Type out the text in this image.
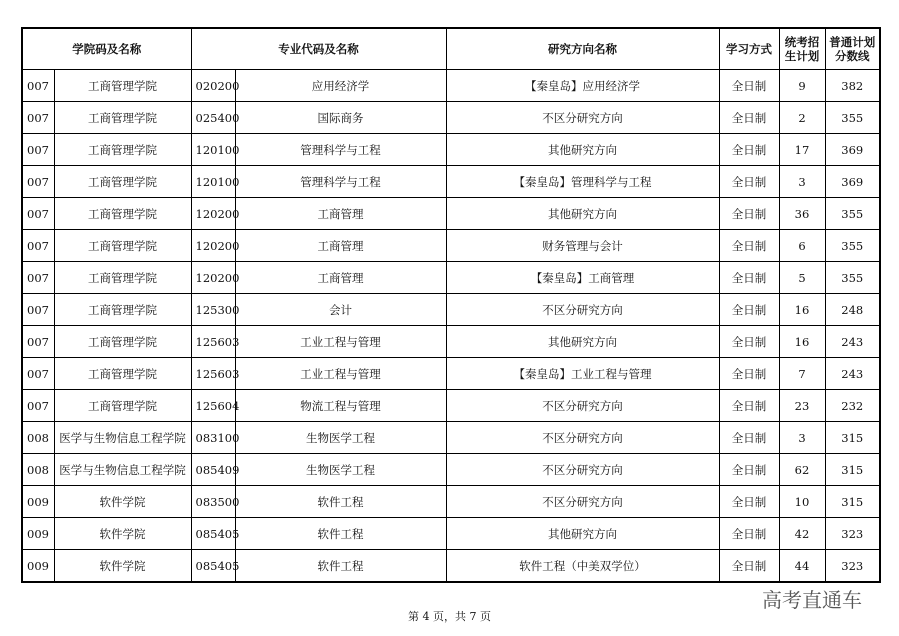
学院码及名称		专业代码及名称		研究方向名称	学习方式	统考招生计划	普通计划分数线
007	工商管理学院	020200	应用经济学	【秦皇岛】应用经济学	全日制	9	382
007	工商管理学院	025400	国际商务	不区分研究方向	全日制	2	355
007	工商管理学院	120100	管理科学与工程	其他研究方向	全日制	17	369
007	工商管理学院	120100	管理科学与工程	【秦皇岛】管理科学与工程	全日制	3	369
007	工商管理学院	120200	工商管理	其他研究方向	全日制	36	355
007	工商管理学院	120200	工商管理	财务管理与会计	全日制	6	355
007	工商管理学院	120200	工商管理	【秦皇岛】工商管理	全日制	5	355
007	工商管理学院	125300	会计	不区分研究方向	全日制	16	248
007	工商管理学院	125603	工业工程与管理	其他研究方向	全日制	16	243
007	工商管理学院	125603	工业工程与管理	【秦皇岛】工业工程与管理	全日制	7	243
007	工商管理学院	125604	物流工程与管理	不区分研究方向	全日制	23	232
008	医学与生物信息工程学院	083100	生物医学工程	不区分研究方向	全日制	3	315
008	医学与生物信息工程学院	085409	生物医学工程	不区分研究方向	全日制	62	315
009	软件学院	083500	软件工程	不区分研究方向	全日制	10	315
009	软件学院	085405	软件工程	其他研究方向	全日制	42	323
009	软件学院	085405	软件工程	软件工程（中美双学位）	全日制	44	323
第 4 页，共 7 页
高考直通车
